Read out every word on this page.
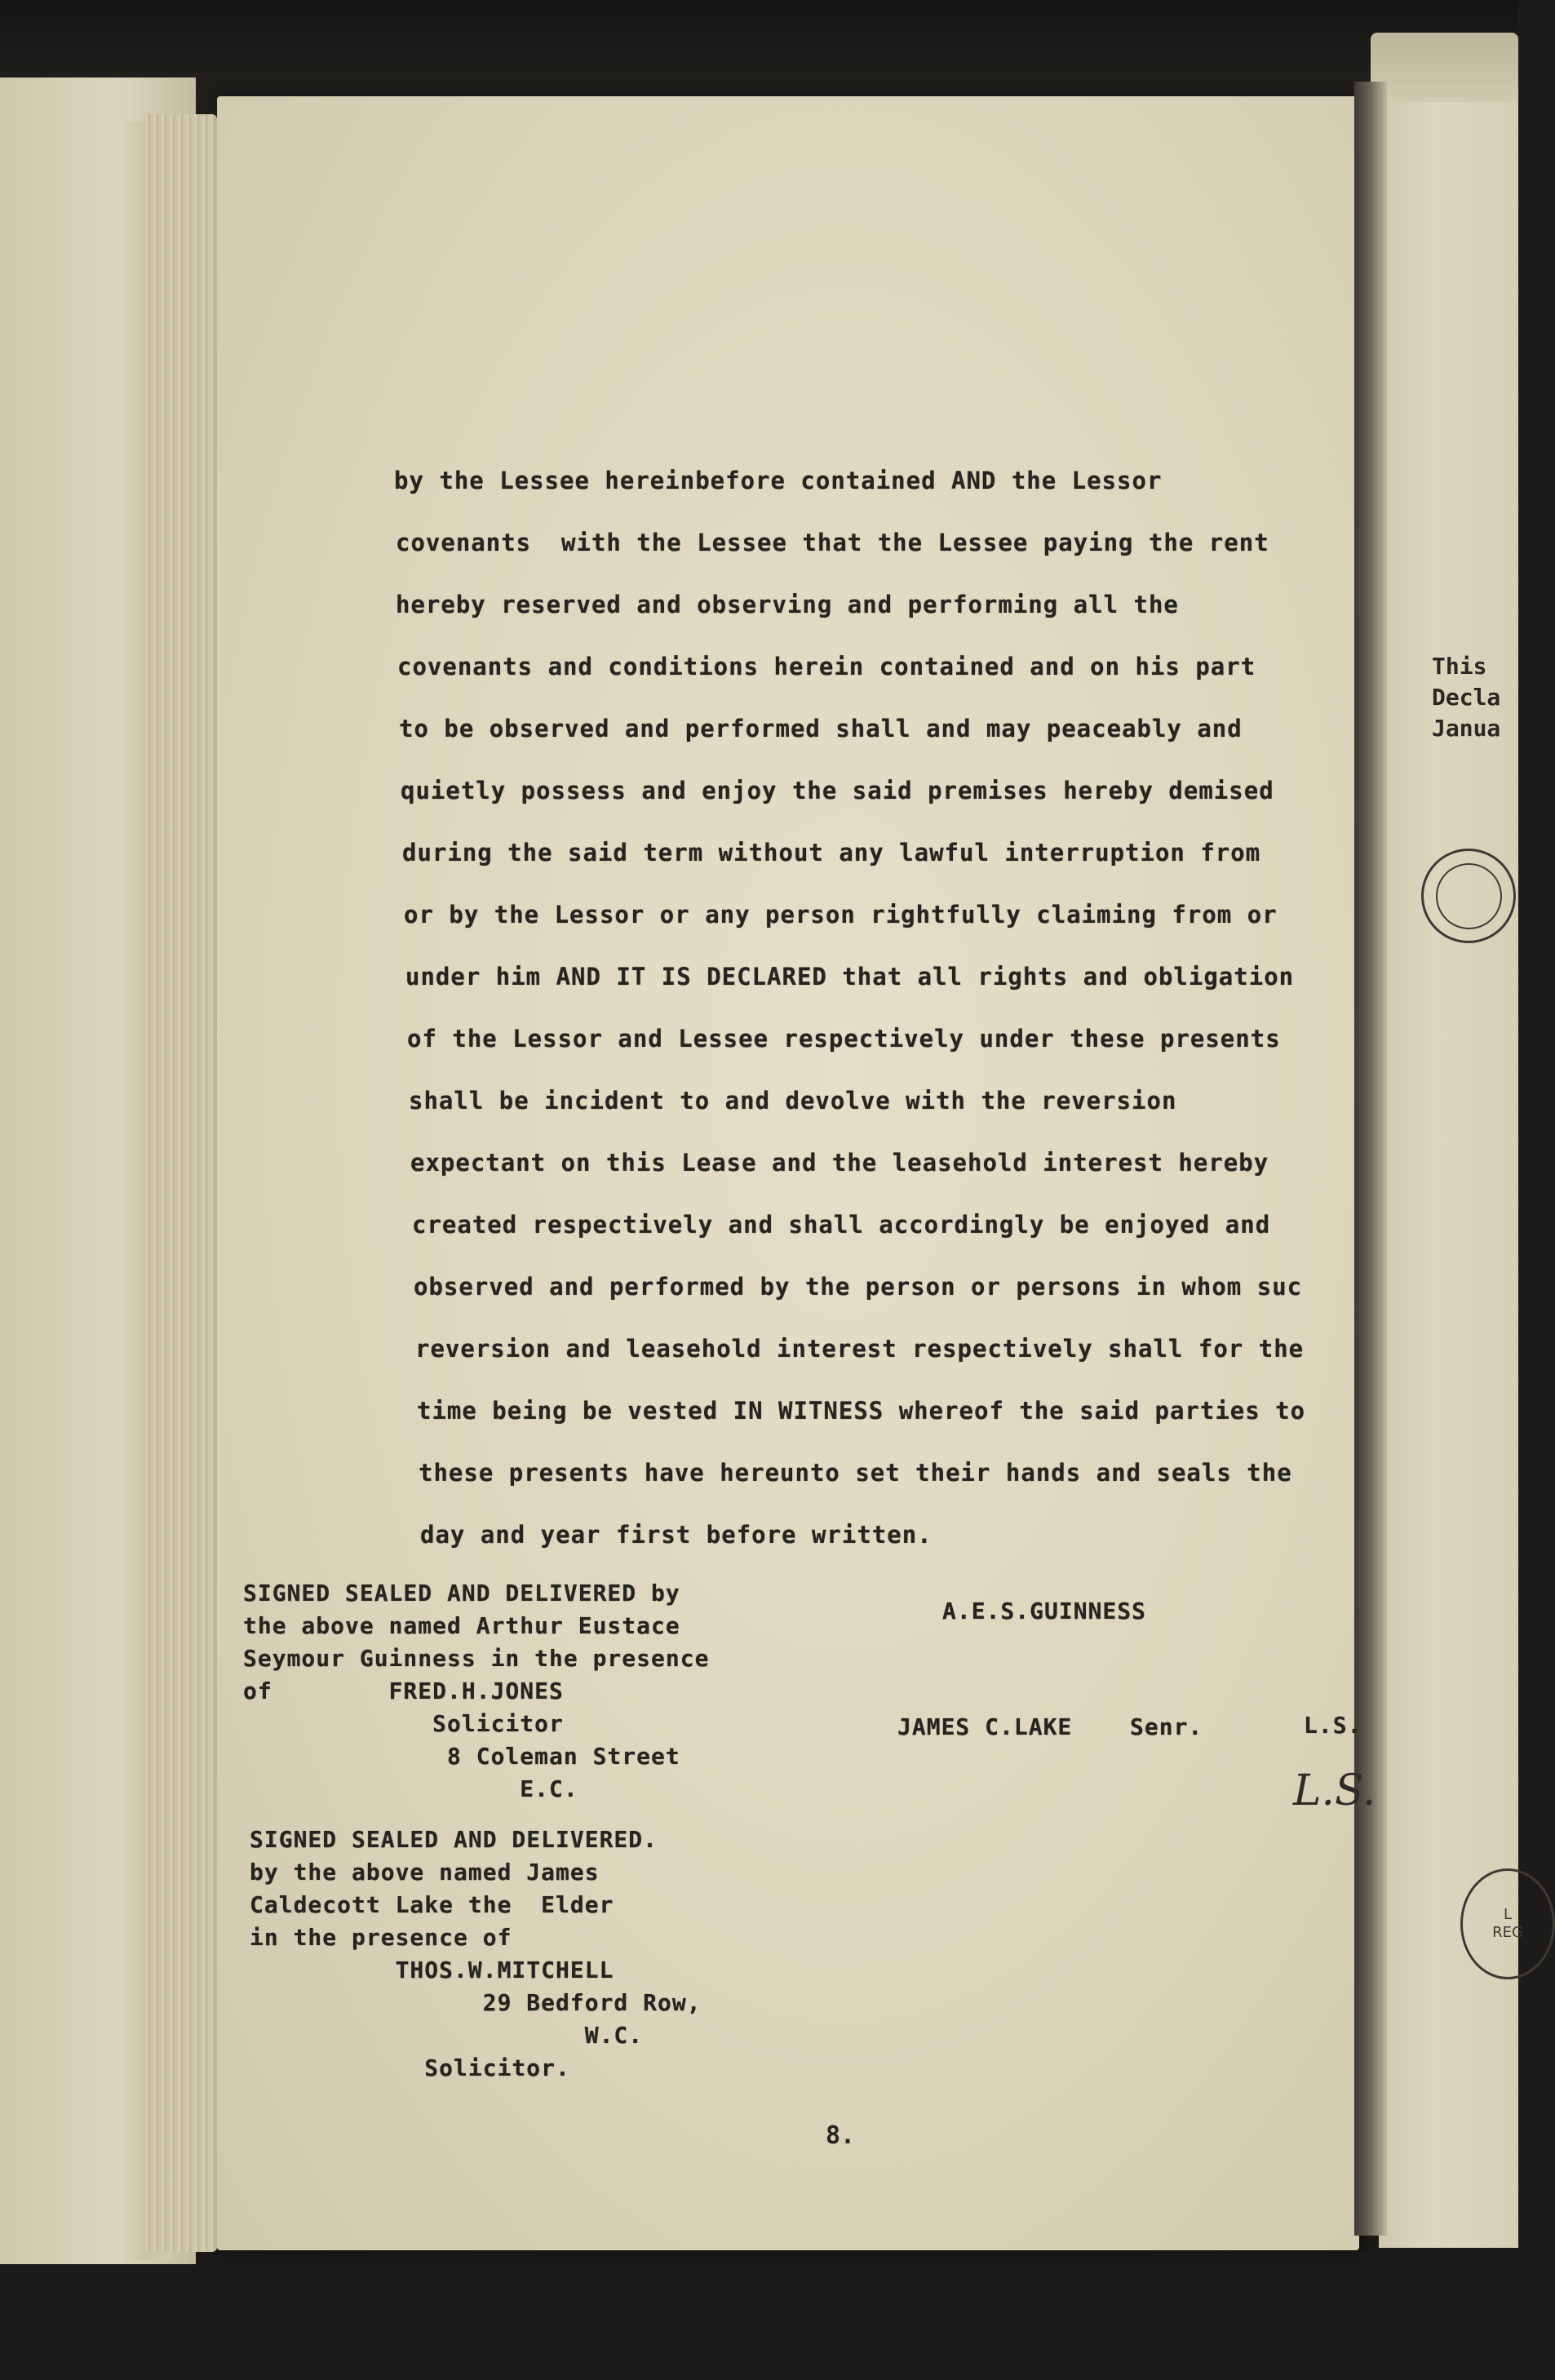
by the Lessee hereinbefore contained AND the Lessor
covenants  with the Lessee that the Lessee paying the rent
hereby reserved and observing and performing all the
covenants and conditions herein contained and on his part
to be observed and performed shall and may peaceably and
quietly possess and enjoy the said premises hereby demised
during the said term without any lawful interruption from
or by the Lessor or any person rightfully claiming from or
under him AND IT IS DECLARED that all rights and obligation
of the Lessor and Lessee respectively under these presents
shall be incident to and devolve with the reversion
expectant on this Lease and the leasehold interest hereby
created respectively and shall accordingly be enjoyed and
observed and performed by the person or persons in whom suc
reversion and leasehold interest respectively shall for the
time being be vested IN WITNESS whereof the said parties to
these presents have hereunto set their hands and seals the
day and year first before written.
SIGNED SEALED AND DELIVERED by
the above named Arthur Eustace
Seymour Guinness in the presence
of        FRED.H.JONES
Solicitor
8 Coleman Street
E.C.
A.E.S.GUINNESS
JAMES C.LAKE	Senr.	L.S.
L.S.
SIGNED SEALED AND DELIVERED.
by the above named James
Caldecott Lake the  Elder
in the presence of
THOS.W.MITCHELL
29 Bedford Row,
W.C.
Solicitor.
8.
This
Decla
Janua
L
REG
